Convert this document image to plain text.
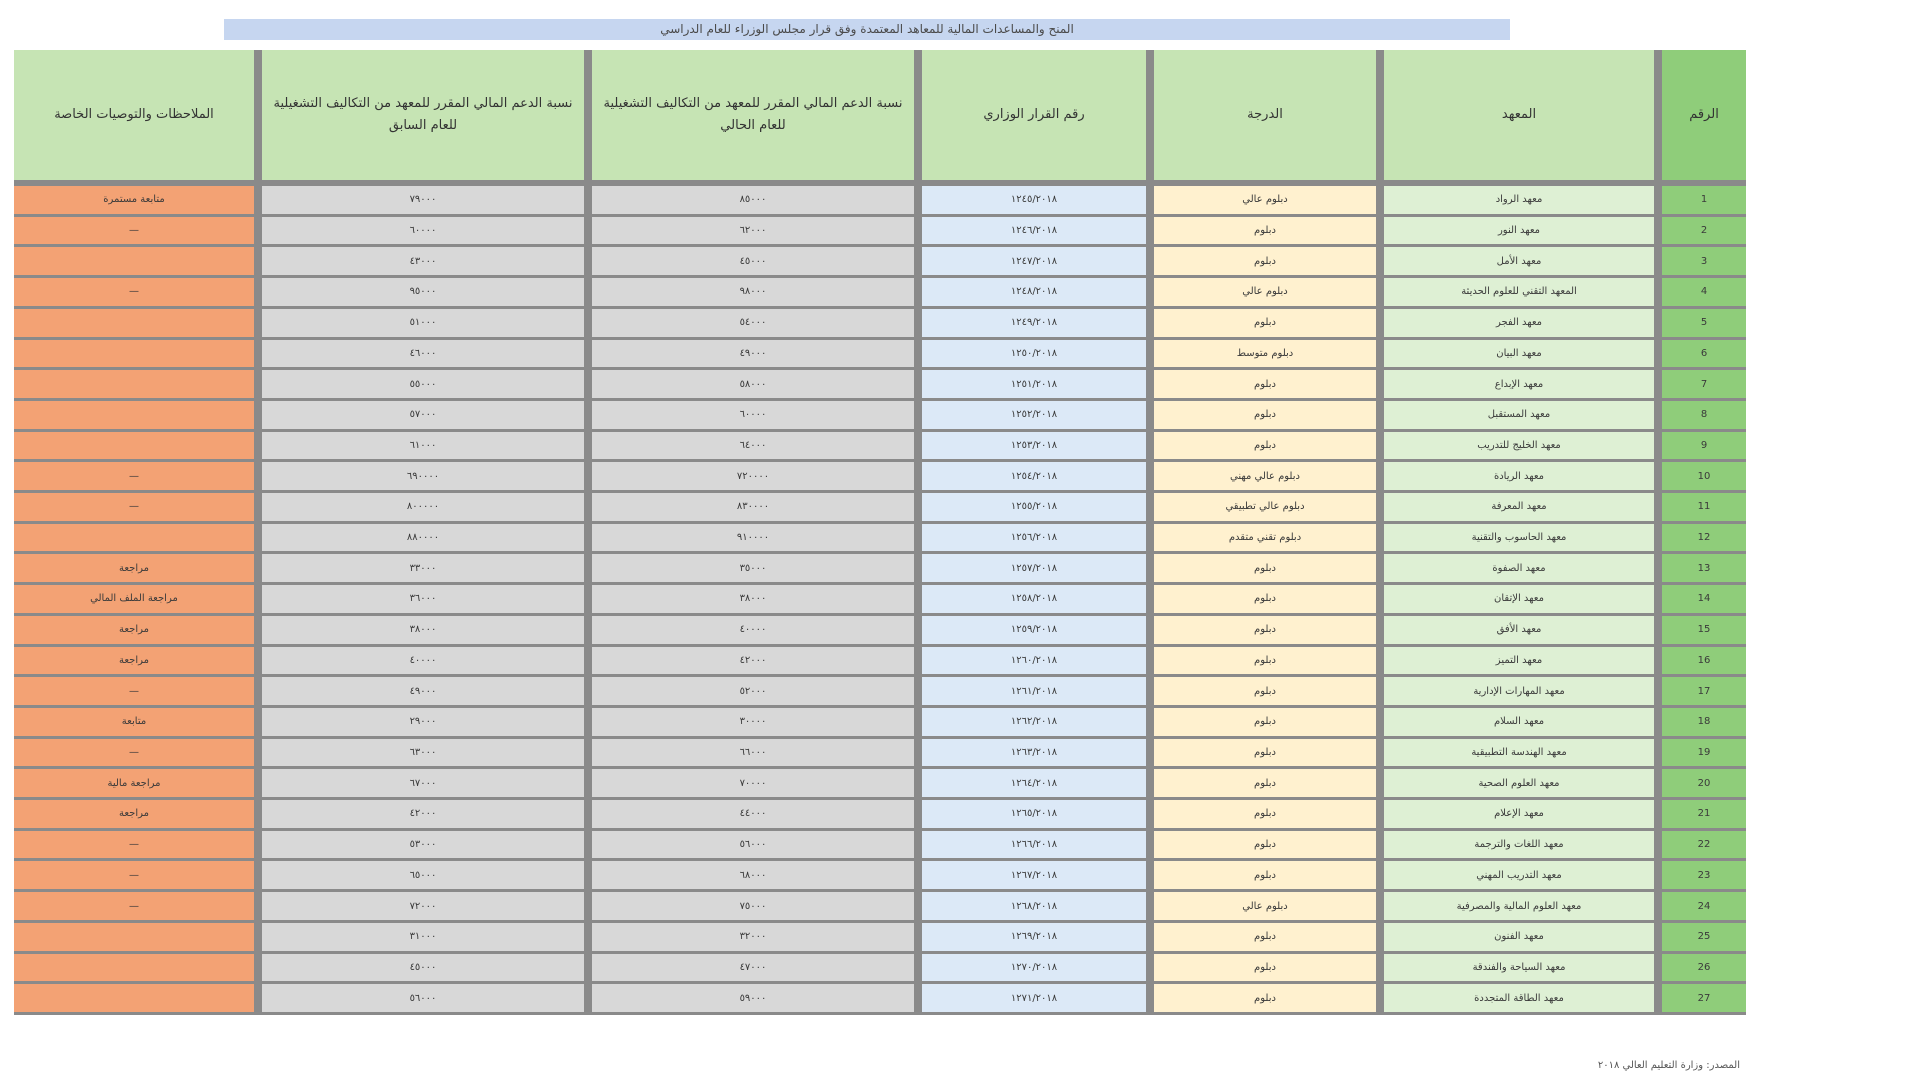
المنح والمساعدات المالية للمعاهد المعتمدة وفق قرار مجلس الوزراء للعام الدراسي
الرقم	المعهد	الدرجة	رقم القرار الوزاري	نسبة الدعم المالي المقرر للمعهد من التكاليف التشغيلية للعام الحالي	نسبة الدعم المالي المقرر للمعهد من التكاليف التشغيلية للعام السابق	الملاحظات والتوصيات الخاصة
1	معهد الرواد	دبلوم عالي	١٢٤٥/٢٠١٨	٨٥٠٠٠	٧٩٠٠٠	متابعة مستمرة
2	معهد النور	دبلوم	١٢٤٦/٢٠١٨	٦٢٠٠٠	٦٠٠٠٠	—
3	معهد الأمل	دبلوم	١٢٤٧/٢٠١٨	٤٥٠٠٠	٤٣٠٠٠	
4	المعهد التقني للعلوم الحديثة	دبلوم عالي	١٢٤٨/٢٠١٨	٩٨٠٠٠	٩٥٠٠٠	—
5	معهد الفجر	دبلوم	١٢٤٩/٢٠١٨	٥٤٠٠٠	٥١٠٠٠	
6	معهد البيان	دبلوم متوسط	١٢٥٠/٢٠١٨	٤٩٠٠٠	٤٦٠٠٠	
7	معهد الإبداع	دبلوم	١٢٥١/٢٠١٨	٥٨٠٠٠	٥٥٠٠٠	
8	معهد المستقبل	دبلوم	١٢٥٢/٢٠١٨	٦٠٠٠٠	٥٧٠٠٠	
9	معهد الخليج للتدريب	دبلوم	١٢٥٣/٢٠١٨	٦٤٠٠٠	٦١٠٠٠	
10	معهد الريادة	دبلوم عالي مهني	١٢٥٤/٢٠١٨	٧٢٠٠٠٠	٦٩٠٠٠٠	—
11	معهد المعرفة	دبلوم عالي تطبيقي	١٢٥٥/٢٠١٨	٨٣٠٠٠٠	٨٠٠٠٠٠	—
12	معهد الحاسوب والتقنية	دبلوم تقني متقدم	١٢٥٦/٢٠١٨	٩١٠٠٠٠	٨٨٠٠٠٠	
13	معهد الصفوة	دبلوم	١٢٥٧/٢٠١٨	٣٥٠٠٠	٣٣٠٠٠	مراجعة
14	معهد الإتقان	دبلوم	١٢٥٨/٢٠١٨	٣٨٠٠٠	٣٦٠٠٠	مراجعة الملف المالي
15	معهد الأفق	دبلوم	١٢٥٩/٢٠١٨	٤٠٠٠٠	٣٨٠٠٠	مراجعة
16	معهد التميز	دبلوم	١٢٦٠/٢٠١٨	٤٢٠٠٠	٤٠٠٠٠	مراجعة
17	معهد المهارات الإدارية	دبلوم	١٢٦١/٢٠١٨	٥٢٠٠٠	٤٩٠٠٠	—
18	معهد السلام	دبلوم	١٢٦٢/٢٠١٨	٣٠٠٠٠	٢٩٠٠٠	متابعة
19	معهد الهندسة التطبيقية	دبلوم	١٢٦٣/٢٠١٨	٦٦٠٠٠	٦٣٠٠٠	—
20	معهد العلوم الصحية	دبلوم	١٢٦٤/٢٠١٨	٧٠٠٠٠	٦٧٠٠٠	مراجعة مالية
21	معهد الإعلام	دبلوم	١٢٦٥/٢٠١٨	٤٤٠٠٠	٤٢٠٠٠	مراجعة
22	معهد اللغات والترجمة	دبلوم	١٢٦٦/٢٠١٨	٥٦٠٠٠	٥٣٠٠٠	—
23	معهد التدريب المهني	دبلوم	١٢٦٧/٢٠١٨	٦٨٠٠٠	٦٥٠٠٠	—
24	معهد العلوم المالية والمصرفية	دبلوم عالي	١٢٦٨/٢٠١٨	٧٥٠٠٠	٧٢٠٠٠	—
25	معهد الفنون	دبلوم	١٢٦٩/٢٠١٨	٣٢٠٠٠	٣١٠٠٠	
26	معهد السياحة والفندقة	دبلوم	١٢٧٠/٢٠١٨	٤٧٠٠٠	٤٥٠٠٠	
27	معهد الطاقة المتجددة	دبلوم	١٢٧١/٢٠١٨	٥٩٠٠٠	٥٦٠٠٠	
المصدر: وزارة التعليم العالي ٢٠١٨
